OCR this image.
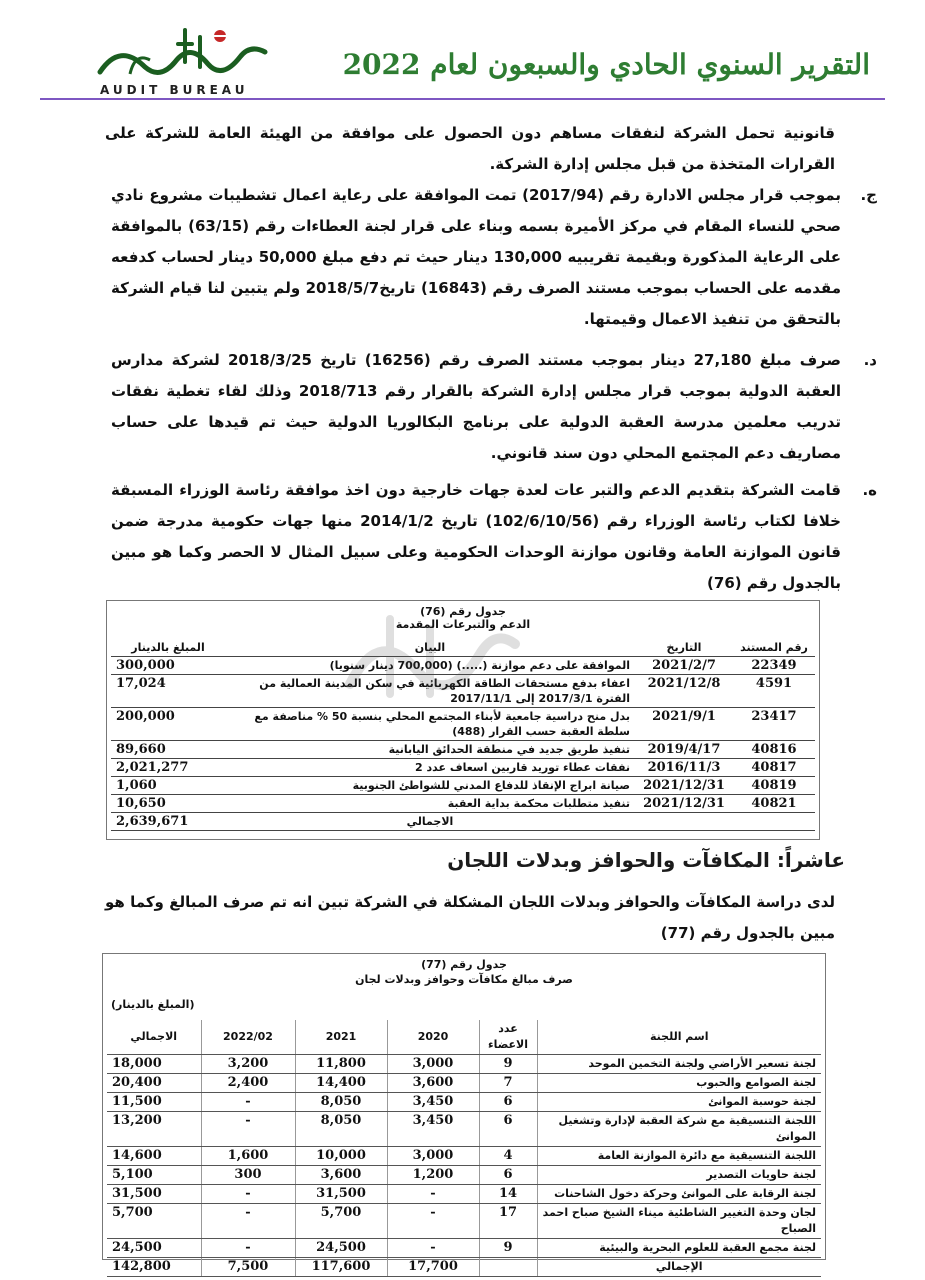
AUDIT BUREAU
التقرير السنوي الحادي والسبعون لعام 2022
قانونية تحمل الشركة لنفقات مساهم دون الحصول على موافقة من الهيئة العامة للشركة على القرارات المتخذة من قبل مجلس إدارة الشركة.
ج.
بموجب قرار مجلس الادارة رقم (2017/94) تمت الموافقة على رعاية اعمال تشطيبات مشروع نادي صحي للنساء المقام في مركز الأميرة بسمه وبناء على قرار لجنة العطاءات رقم (63/15) بالموافقة على الرعاية المذكورة وبقيمة تقريبيه 130,000 دينار حيث تم دفع مبلغ 50,000 دينار لحساب كدفعه مقدمه على الحساب بموجب مستند الصرف رقم (16843) تاريخ2018/5/7 ولم يتبين لنا قيام الشركة بالتحقق من تنفيذ الاعمال وقيمتها.
د.
صرف مبلغ 27,180 دينار بموجب مستند الصرف رقم (16256) تاريخ 2018/3/25 لشركة مدارس العقبة الدولية بموجب قرار مجلس إدارة الشركة بالقرار رقم 2018/713 وذلك لقاء تغطية نفقات تدريب معلمين مدرسة العقبة الدولية على برنامج البكالوريا الدولية حيث تم قيدها على حساب مصاريف دعم المجتمع المحلي دون سند قانوني.
ه.
قامت الشركة بتقديم الدعم والتبر عات لعدة جهات خارجية دون اخذ موافقة رئاسة الوزراء المسبقة خلافا لكتاب رئاسة الوزراء رقم (102/6/10/56) تاريخ 2014/1/2 منها جهات حكومية مدرجة ضمن قانون الموازنة العامة وقانون موازنة الوحدات الحكومية وعلى سبيل المثال لا الحصر وكما هو مبين بالجدول رقم (76)
جدول رقم (76)
الدعم والتبرعات المقدمة
رقم المستند	التاريخ	البيان	المبلغ بالدينار
22349	2021/2/7	الموافقة على دعم موازنة (.....) (700,000 دينار سنويا)	300,000
4591	2021/12/8	اعفاء بدفع مستحقات الطاقة الكهربائية في سكن المدينة العمالية من الفترة 2017/3/1 إلى 2017/11/1	17,024
23417	2021/9/1	بدل منح دراسية جامعية لأبناء المجتمع المحلي بنسبة 50 % مناصفة مع سلطة العقبة حسب القرار (488)	200,000
40816	2019/4/17	تنفيذ طريق جديد في منطقة الحدائق اليابانية	89,660
40817	2016/11/3	نفقات عطاء توريد قاربين اسعاف عدد 2	2,021,277
40819	2021/12/31	صيانة ابراج الإنقاذ للدفاع المدني للشواطئ الجنوبية	1,060
40821	2021/12/31	تنفيذ متطلبات محكمة بداية العقبة	10,650
		الاجمالي	2,639,671
عاشراً: المكافآت والحوافز وبدلات اللجان
لدى دراسة المكافآت والحوافز وبدلات اللجان المشكلة في الشركة تبين انه تم صرف المبالغ وكما هو مبين بالجدول رقم (77)
جدول رقم (77)
صرف مبالغ مكافآت وحوافز وبدلات لجان
(المبلغ بالدينار)
اسم اللجنة	عدد الاعضاء	2020	2021	2022/02	الاجمالي
لجنة تسعير الأراضي ولجنة التخمين الموحد	9	3,000	11,800	3,200	18,000
لجنة الصوامع والحبوب	7	3,600	14,400	2,400	20,400
لجنة حوسبة الموانئ	6	3,450	8,050	-	11,500
اللجنة التنسيقية مع شركة العقبة لإدارة وتشغيل الموانئ	6	3,450	8,050	-	13,200
اللجنة التنسيقية مع دائرة الموازنة العامة	4	3,000	10,000	1,600	14,600
لجنة حاويات التصدير	6	1,200	3,600	300	5,100
لجنة الرقابة على الموانئ وحركة دخول الشاحنات	14	-	31,500	-	31,500
لجان وحدة التغيير الشاطئية ميناء الشيخ صباح احمد الصباح	17	-	5,700	-	5,700
لجنة مجمع العقبة للعلوم البحرية والبيئية	9	-	24,500	-	24,500
الإجمالي		17,700	117,600	7,500	142,800
